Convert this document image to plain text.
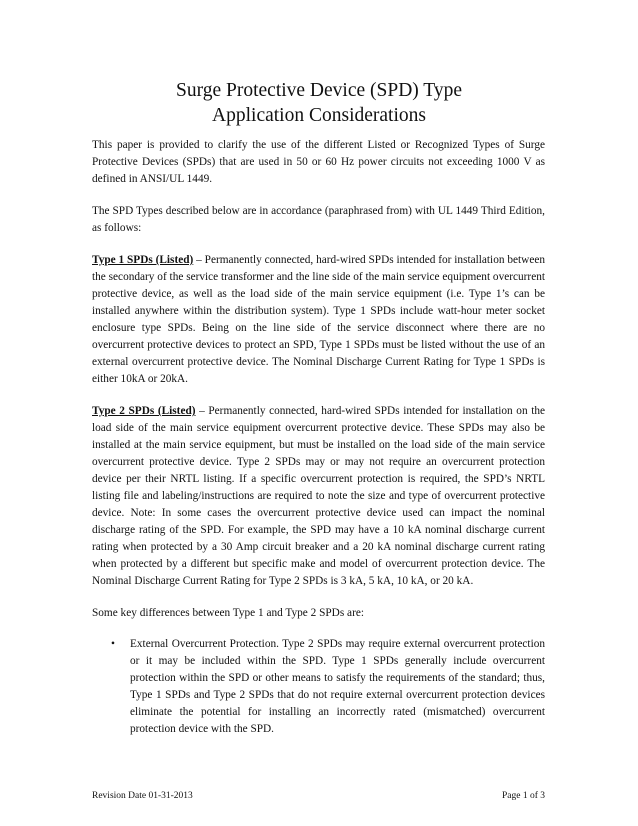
Surge Protective Device (SPD) Type
Application Considerations

This paper is provided to clarify the use of the different Listed or Recognized Types of Surge Protective Devices (SPDs) that are used in 50 or 60 Hz power circuits not exceeding 1000 V as defined in ANSI/UL 1449.

The SPD Types described below are in accordance (paraphrased from) with UL 1449 Third Edition, as follows:

Type 1 SPDs (Listed) – Permanently connected, hard-wired SPDs intended for installation between the secondary of the service transformer and the line side of the main service equipment overcurrent protective device, as well as the load side of the main service equipment (i.e. Type 1’s can be installed anywhere within the distribution system). Type 1 SPDs include watt-hour meter socket enclosure type SPDs. Being on the line side of the service disconnect where there are no overcurrent protective devices to protect an SPD, Type 1 SPDs must be listed without the use of an external overcurrent protective device. The Nominal Discharge Current Rating for Type 1 SPDs is either 10kA or 20kA.

Type 2 SPDs (Listed) – Permanently connected, hard-wired SPDs intended for installation on the load side of the main service equipment overcurrent protective device. These SPDs may also be installed at the main service equipment, but must be installed on the load side of the main service overcurrent protective device. Type 2 SPDs may or may not require an overcurrent protection device per their NRTL listing. If a specific overcurrent protection is required, the SPD’s NRTL listing file and labeling/instructions are required to note the size and type of overcurrent protective device. Note: In some cases the overcurrent protective device used can impact the nominal discharge rating of the SPD. For example, the SPD may have a 10 kA nominal discharge current rating when protected by a 30 Amp circuit breaker and a 20 kA nominal discharge current rating when protected by a different but specific make and model of overcurrent protection device. The Nominal Discharge Current Rating for Type 2 SPDs is 3 kA, 5 kA, 10 kA, or 20 kA.

Some key differences between Type 1 and Type 2 SPDs are:

• External Overcurrent Protection. Type 2 SPDs may require external overcurrent protection or it may be included within the SPD. Type 1 SPDs generally include overcurrent protection within the SPD or other means to satisfy the requirements of the standard; thus, Type 1 SPDs and Type 2 SPDs that do not require external overcurrent protection devices eliminate the potential for installing an incorrectly rated (mismatched) overcurrent protection device with the SPD.
Revision Date 01-31-2013	Page 1 of 3
